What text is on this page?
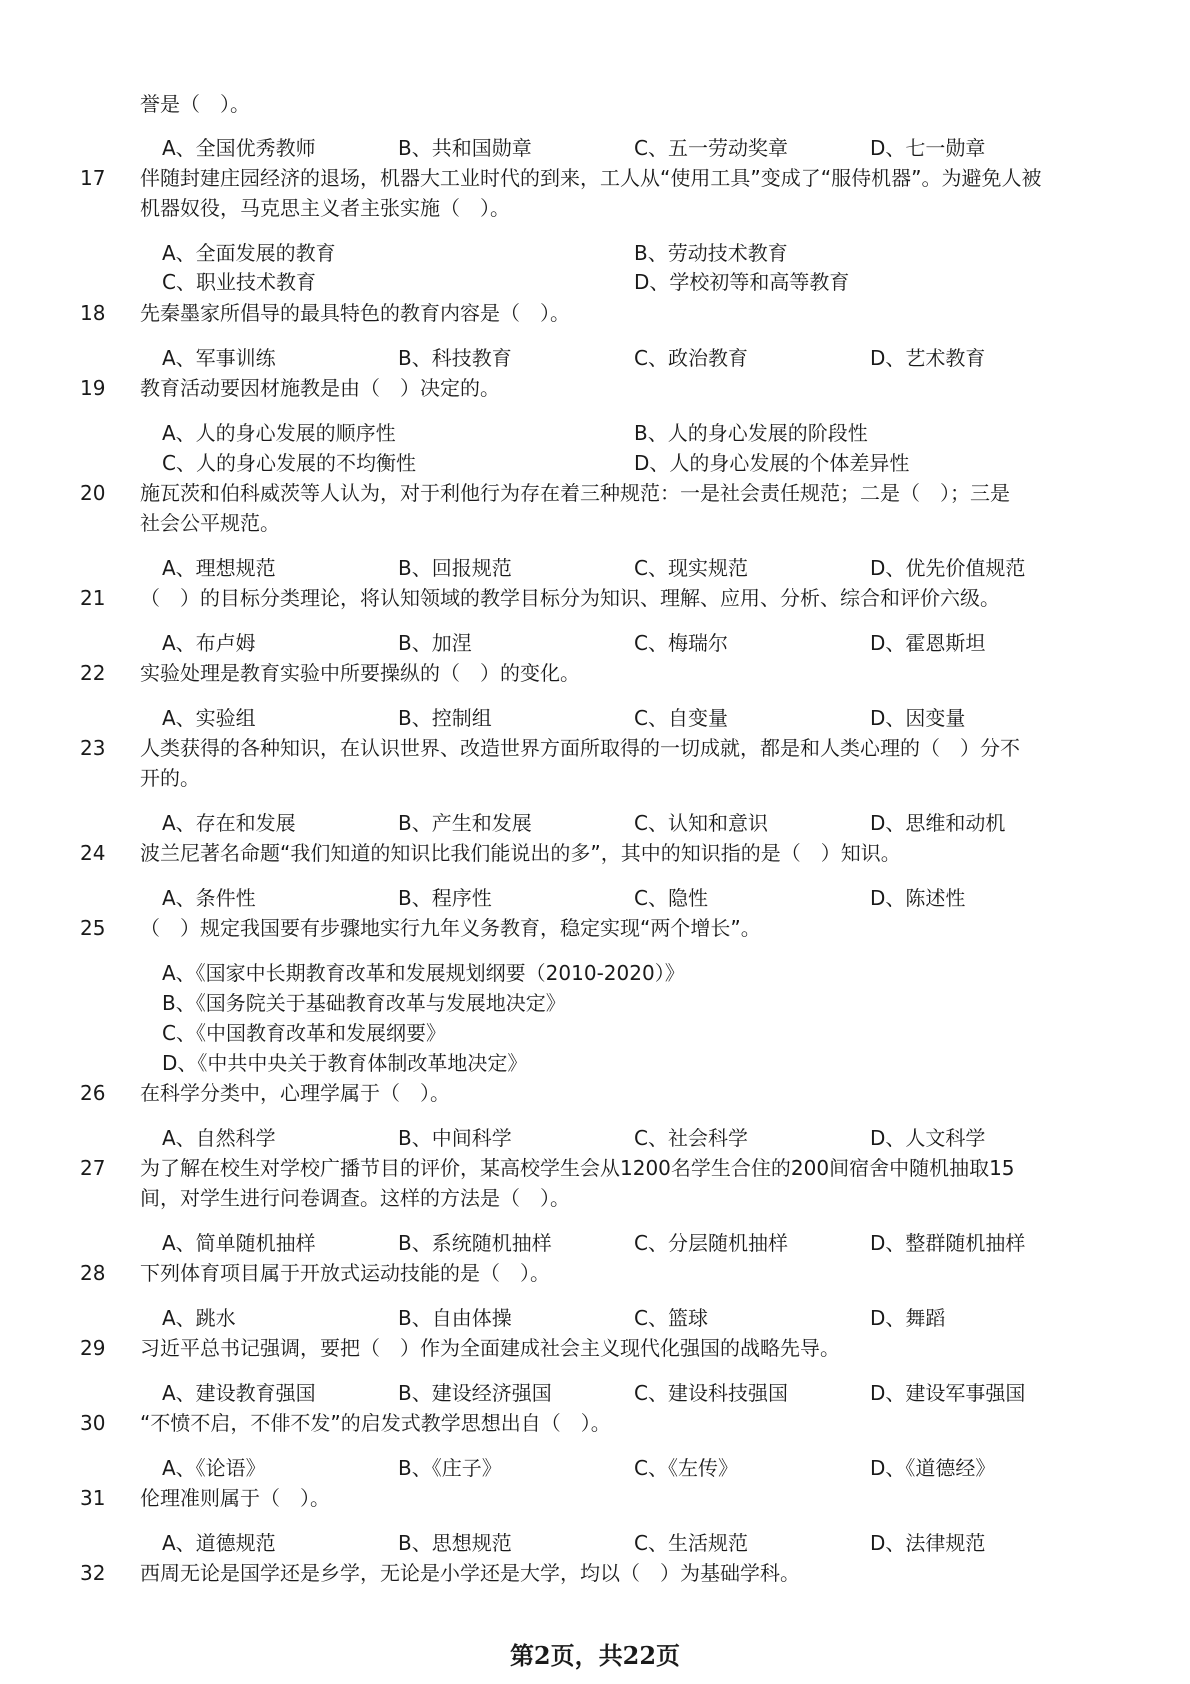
誉是（　）。
A、全国优秀教师	B、共和国勋章	C、五一劳动奖章	D、七一勋章
17 伴随封建庄园经济的退场，机器大工业时代的到来，工人从“使用工具”变成了“服侍机器”。为避免人被
机器奴役，马克思主义者主张实施（　）。
A、全面发展的教育	B、劳动技术教育
C、职业技术教育	D、学校初等和高等教育
18 先秦墨家所倡导的最具特色的教育内容是（　）。
A、军事训练	B、科技教育	C、政治教育	D、艺术教育
19 教育活动要因材施教是由（　）决定的。
A、人的身心发展的顺序性	B、人的身心发展的阶段性
C、人的身心发展的不均衡性	D、人的身心发展的个体差异性
20 施瓦茨和伯科威茨等人认为，对于利他行为存在着三种规范：一是社会责任规范；二是（　）；三是
社会公平规范。
A、理想规范	B、回报规范	C、现实规范	D、优先价值规范
21 （　）的目标分类理论，将认知领域的教学目标分为知识、理解、应用、分析、综合和评价六级。
A、布卢姆	B、加涅	C、梅瑞尔	D、霍恩斯坦
22 实验处理是教育实验中所要操纵的（　）的变化。
A、实验组	B、控制组	C、自变量	D、因变量
23 人类获得的各种知识，在认识世界、改造世界方面所取得的一切成就，都是和人类心理的（　）分不
开的。
A、存在和发展	B、产生和发展	C、认知和意识	D、思维和动机
24 波兰尼著名命题“我们知道的知识比我们能说出的多”，其中的知识指的是（　）知识。
A、条件性	B、程序性	C、隐性	D、陈述性
25 （　）规定我国要有步骤地实行九年义务教育，稳定实现“两个增长”。
A、《国家中长期教育改革和发展规划纲要（2010-2020）》
B、《国务院关于基础教育改革与发展地决定》
C、《中国教育改革和发展纲要》
D、《中共中央关于教育体制改革地决定》
26 在科学分类中，心理学属于（　）。
A、自然科学	B、中间科学	C、社会科学	D、人文科学
27 为了解在校生对学校广播节目的评价，某高校学生会从1200名学生合住的200间宿舍中随机抽取15
间，对学生进行问卷调查。这样的方法是（　）。
A、简单随机抽样	B、系统随机抽样	C、分层随机抽样	D、整群随机抽样
28 下列体育项目属于开放式运动技能的是（　）。
A、跳水	B、自由体操	C、篮球	D、舞蹈
29 习近平总书记强调，要把（　）作为全面建成社会主义现代化强国的战略先导。
A、建设教育强国	B、建设经济强国	C、建设科技强国	D、建设军事强国
30 “不愤不启，不俳不发”的启发式教学思想出自（　）。
A、《论语》	B、《庄子》	C、《左传》	D、《道德经》
31 伦理准则属于（　）。
A、道德规范	B、思想规范	C、生活规范	D、法律规范
32 西周无论是国学还是乡学，无论是小学还是大学，均以（　）为基础学科。
第2页，共22页
